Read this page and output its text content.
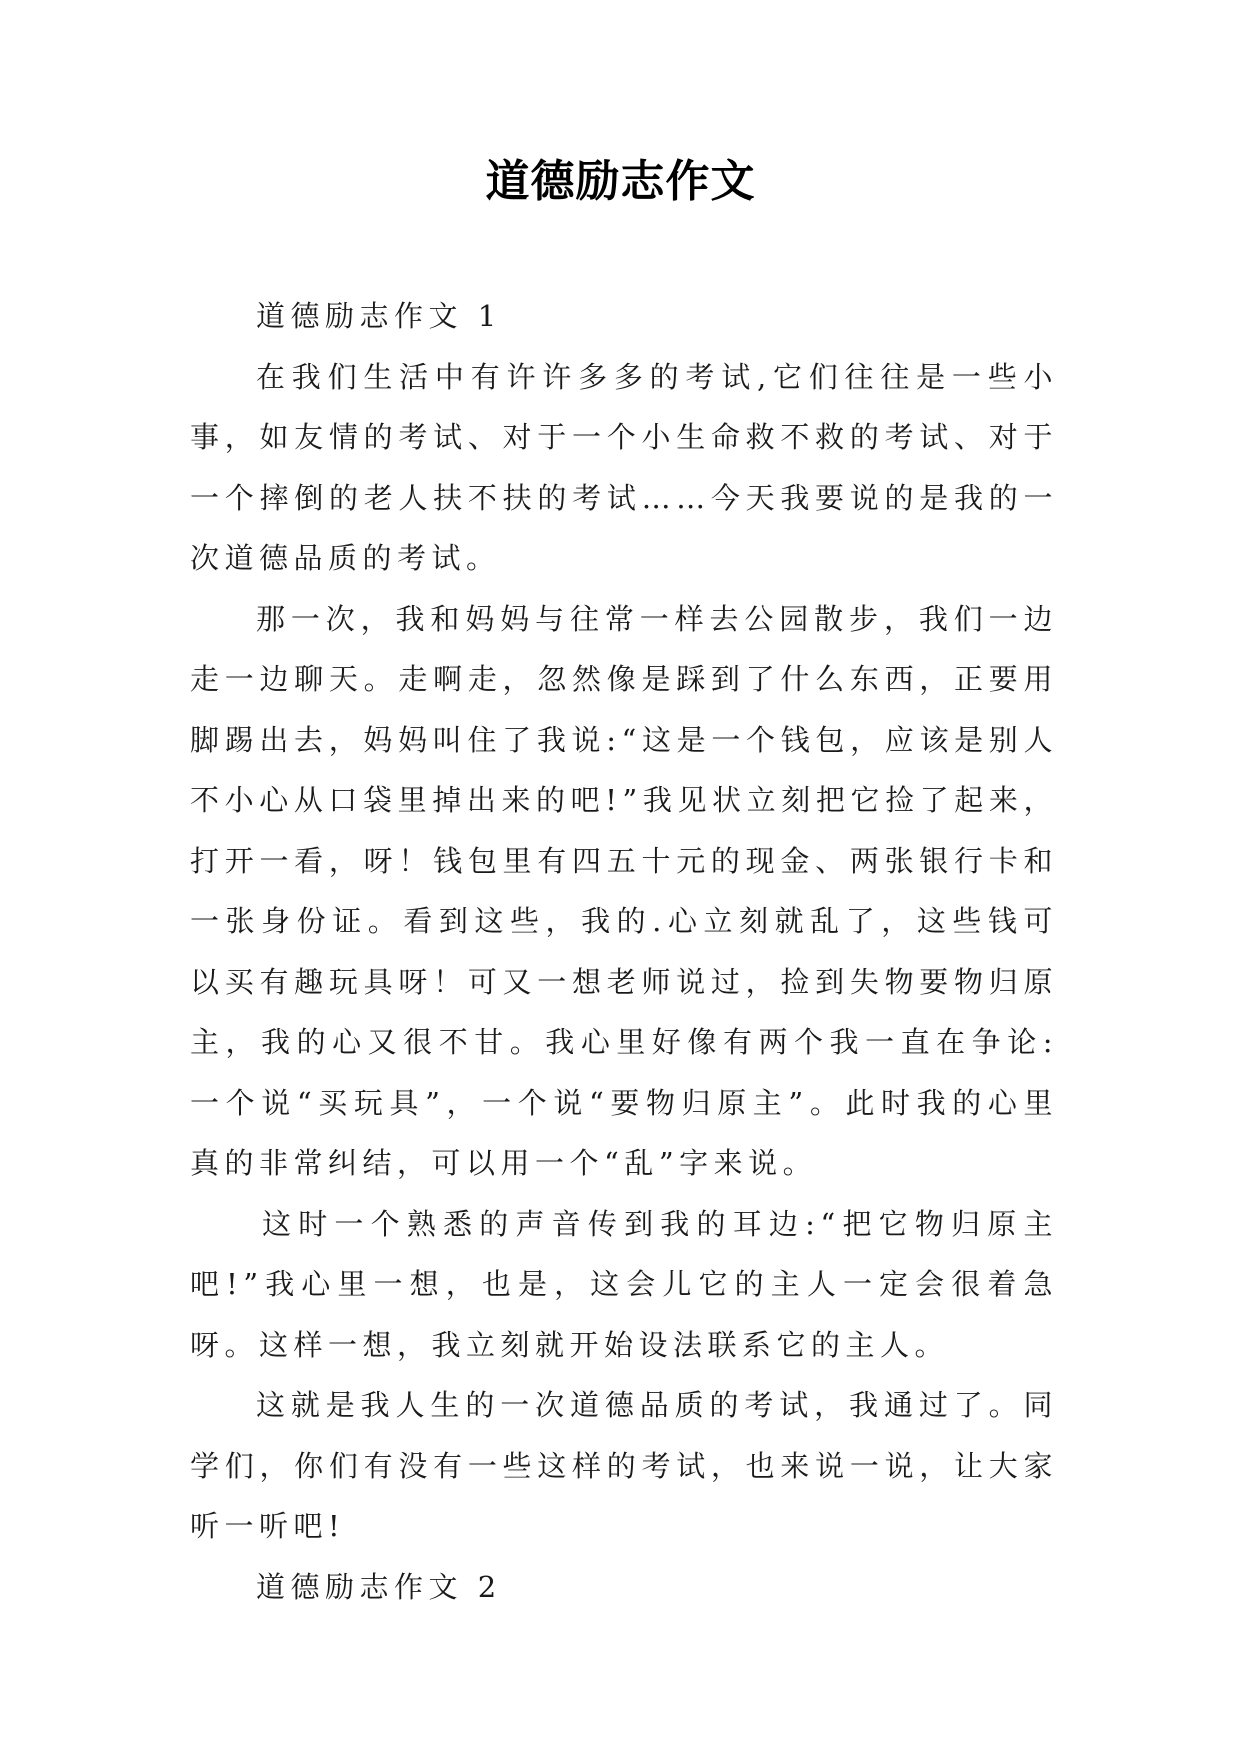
道德励志作文

道德励志作文 1

在我们生活中有许许多多的考试,它们往往是一些小事，如友情的考试、对于一个小生命救不救的考试、对于一个摔倒的老人扶不扶的考试……今天我要说的是我的一次道德品质的考试。

那一次，我和妈妈与往常一样去公园散步，我们一边走一边聊天。走啊走，忽然像是踩到了什么东西，正要用脚踢出去，妈妈叫住了我说:“这是一个钱包，应该是别人不小心从口袋里掉出来的吧!”我见状立刻把它捡了起来，打开一看，呀！钱包里有四五十元的现金、两张银行卡和一张身份证。看到这些，我的.心立刻就乱了，这些钱可以买有趣玩具呀！可又一想老师说过，捡到失物要物归原主，我的心又很不甘。我心里好像有两个我一直在争论:一个说“买玩具”，一个说“要物归原主”。此时我的心里真的非常纠结，可以用一个“乱”字来说。

这时一个熟悉的声音传到我的耳边:“把它物归原主吧!”我心里一想，也是，这会儿它的主人一定会很着急呀。这样一想，我立刻就开始设法联系它的主人。

这就是我人生的一次道德品质的考试，我通过了。同学们，你们有没有一些这样的考试，也来说一说，让大家听一听吧!

道德励志作文 2
